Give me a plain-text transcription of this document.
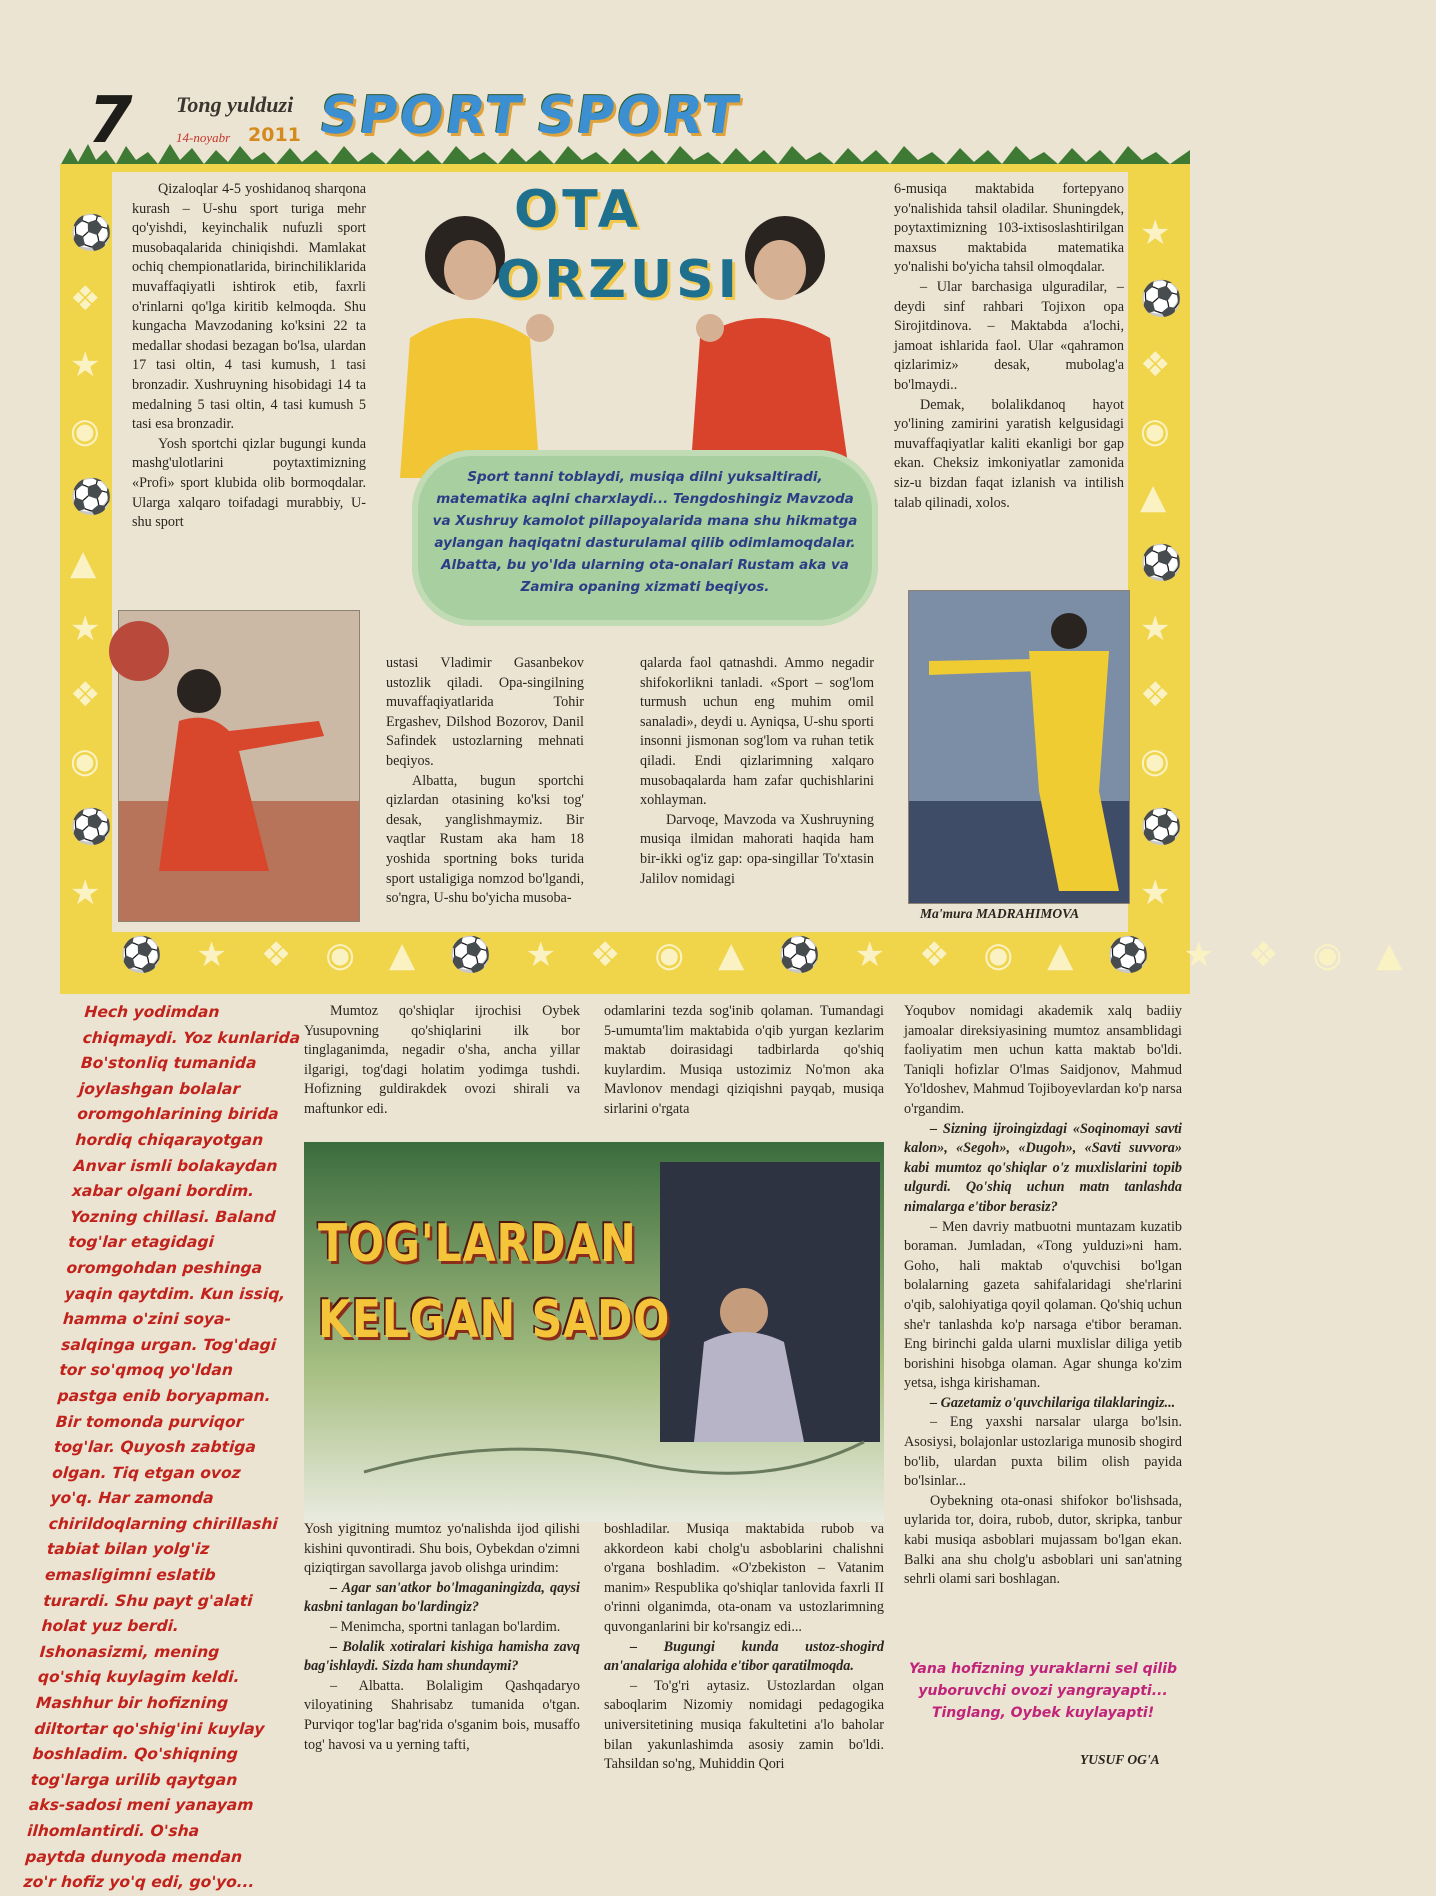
7 Tong yulduzi
14-noyabr 2011 SPORT SPORT
⚽ ❖ ★ ◉ ⚽ ▲ ★ ❖ ◉ ⚽ ★
★ ⚽ ❖ ◉ ▲ ⚽ ★ ❖ ◉ ⚽ ★
⚽★❖◉▲⚽★❖◉▲⚽★❖◉▲⚽★❖◉▲

Qizaloqlar 4-5 yoshidanoq sharqona kurash – U-shu sport turiga mehr qo'yishdi, keyinchalik nufuzli sport musobaqalarida chiniqishdi. Mamlakat ochiq chempionatlarida, birinchiliklarida muvaffaqiyatli ishtirok etib, faxrli o'rinlarni qo'lga kiritib kelmoqda. Shu kungacha Mavzodaning ko'ksini 22 ta medallar shodasi bezagan bo'lsa, ulardan 17 tasi oltin, 4 tasi kumush, 1 tasi bronzadir. Xushruyning hisobidagi 14 ta medalning 5 tasi oltin, 4 tasi kumush 5 tasi esa bronzadir.

Yosh sportchi qizlar bugungi kunda mashg'ulotlarini poytaxtimizning «Profi» sport klubida olib bormoqdalar. Ularga xalqaro toifadagi murabbiy, U-shu sport

OTA
ORZUSI
Sport tanni toblaydi, musiqa dilni yuksaltiradi, matematika aqlni charxlaydi... Tengdoshingiz Mavzoda va Xushruy kamolot pillapoyalarida mana shu hikmatga aylangan haqiqatni dasturulamal qilib odimlamoqdalar. Albatta, bu yo'lda ularning ota-onalari Rustam aka va Zamira opaning xizmati beqiyos.

6-musiqa maktabida fortepyano yo'nalishida tahsil oladilar. Shuningdek, poytaxtimizning 103-ixtisoslashtirilgan maxsus maktabida matematika yo'nalishi bo'yicha tahsil olmoqdalar.

– Ular barchasiga ulguradilar, – deydi sinf rahbari Tojixon opa Sirojitdinova. – Maktabda a'lochi, jamoat ishlarida faol. Ular «qahramon qizlarimiz» desak, mubolag'a bo'lmaydi..

Demak, bolalikdanoq hayot yo'lining zamirini yaratish kelgusidagi muvaffaqiyatlar kaliti ekanligi bor gap ekan. Cheksiz imkoniyatlar zamonida siz-u bizdan faqat izlanish va intilish talab qilinadi, xolos.

ustasi Vladimir Gasanbekov ustozlik qiladi. Opa-singilning muvaffaqiyatlarida Tohir Ergashev, Dilshod Bozorov, Danil Safindek ustozlarning mehnati beqiyos.

Albatta, bugun sportchi qizlardan otasining ko'ksi tog' desak, yanglishmaymiz. Bir vaqtlar Rustam aka ham 18 yoshida sportning boks turida sport ustaligiga nomzod bo'lgandi, so'ngra, U-shu bo'yicha musoba-

qalarda faol qatnashdi. Ammo negadir shifokorlikni tanladi. «Sport – sog'lom turmush uchun eng muhim omil sanaladi», deydi u. Ayniqsa, U-shu sporti insonni jismonan sog'lom va ruhan tetik qiladi. Endi qizlarimning xalqaro musobaqalarda ham zafar quchishlarini xohlayman.

Darvoqe, Mavzoda va Xushruyning musiqa ilmidan mahorati haqida ham bir-ikki og'iz gap: opa-singillar To'xtasin Jalilov nomidagi

Ma'mura MADRAHIMOVA
Hech yodimdan chiqmaydi. Yoz kunlarida Bo'stonliq tumanida joylashgan bolalar oromgohlarining birida hordiq chiqarayotgan Anvar ismli bolakaydan xabar olgani bordim. Yozning chillasi. Baland tog'lar etagidagi oromgohdan peshinga yaqin qaytdim. Kun issiq, hamma o'zini soya-salqinga urgan. Tog'dagi tor so'qmoq yo'ldan pastga enib boryapman. Bir tomonda purviqor tog'lar. Quyosh zabtiga olgan. Tiq etgan ovoz yo'q. Har zamonda chirildoqlarning chirillashi tabiat bilan yolg'iz emasligimni eslatib turardi. Shu payt g'alati holat yuz berdi. Ishonasizmi, mening qo'shiq kuylagim keldi. Mashhur bir hofizning diltortar qo'shig'ini kuylay boshladim. Qo'shiqning tog'larga urilib qaytgan aks-sadosi meni yanayam ilhomlantirdi. O'sha paytda dunyoda mendan zo'r hofiz yo'q edi, go'yo...

Mumtoz qo'shiqlar ijrochisi Oybek Yusupovning qo'shiqlarini ilk bor tinglaganimda, negadir o'sha, ancha yillar ilgarigi, tog'dagi holatim yodimga tushdi. Hofizning guldirakdek ovozi shirali va maftunkor edi.

odamlarini tezda sog'inib qolaman. Tumandagi 5-umumta'lim maktabida o'qib yurgan kezlarim maktab doirasidagi tadbirlarda qo'shiq kuylardim. Musiqa ustozimiz No'mon aka Mavlonov mendagi qiziqishni payqab, musiqa sirlarini o'rgata

TOG'LARDAN
KELGAN SADO

Yosh yigitning mumtoz yo'nalishda ijod qilishi kishini quvontiradi. Shu bois, Oybekdan o'zimni qiziqtirgan savollarga javob olishga urindim:

– Agar san'atkor bo'lmaganingizda, qaysi kasbni tanlagan bo'lardingiz?

– Menimcha, sportni tanlagan bo'lardim.

– Bolalik xotiralari kishiga hamisha zavq bag'ishlaydi. Sizda ham shundaymi?

– Albatta. Bolaligim Qashqadaryo viloyatining Shahrisabz tumanida o'tgan. Purviqor tog'lar bag'rida o'sganim bois, musaffo tog' havosi va u yerning tafti,

boshladilar. Musiqa maktabida rubob va akkordeon kabi cholg'u asboblarini chalishni o'rgana boshladim. «O'zbekiston – Vatanim manim» Respublika qo'shiqlar tanlovida faxrli II o'rinni olganimda, ota-onam va ustozlarimning quvonganlarini bir ko'rsangiz edi...

– Bugungi kunda ustoz-shogird an'analariga alohida e'tibor qaratilmoqda.

– To'g'ri aytasiz. Ustozlardan olgan saboqlarim Nizomiy nomidagi pedagogika universitetining musiqa fakultetini a'lo baholar bilan yakunlashimda asosiy zamin bo'ldi. Tahsildan so'ng, Muhiddin Qori

Yoqubov nomidagi akademik xalq badiiy jamoalar direksiyasining mumtoz ansamblidagi faoliyatim men uchun katta maktab bo'ldi. Taniqli hofizlar O'lmas Saidjonov, Mahmud Yo'ldoshev, Mahmud Tojiboyevlardan ko'p narsa o'rgandim.

– Sizning ijroingizdagi «Soqinomayi savti kalon», «Segoh», «Dugoh», «Savti suvvora» kabi mumtoz qo'shiqlar o'z muxlislarini topib ulgurdi. Qo'shiq uchun matn tanlashda nimalarga e'tibor berasiz?

– Men davriy matbuotni muntazam kuzatib boraman. Jumladan, «Tong yulduzi»ni ham. Goho, hali maktab o'quvchisi bo'lgan bolalarning gazeta sahifalaridagi she'rlarini o'qib, salohiyatiga qoyil qolaman. Qo'shiq uchun she'r tanlashda ko'p narsaga e'tibor beraman. Eng birinchi galda ularni muxlislar diliga yetib borishini hisobga olaman. Agar shunga ko'zim yetsa, ishga kirishaman.

– Gazetamiz o'quvchilariga tilaklaringiz...

– Eng yaxshi narsalar ularga bo'lsin. Asosiysi, bolajonlar ustozlariga munosib shogird bo'lib, ulardan puxta bilim olish payida bo'lsinlar...

Oybekning ota-onasi shifokor bo'lishsada, uylarida tor, doira, rubob, dutor, skripka, tanbur kabi musiqa asboblari mujassam bo'lgan ekan. Balki ana shu cholg'u asboblari uni san'atning sehrli olami sari boshlagan.

Yana hofizning yuraklarni sel qilib yuboruvchi ovozi yangrayapti... Tinglang, Oybek kuylayapti!
YUSUF OG'A
